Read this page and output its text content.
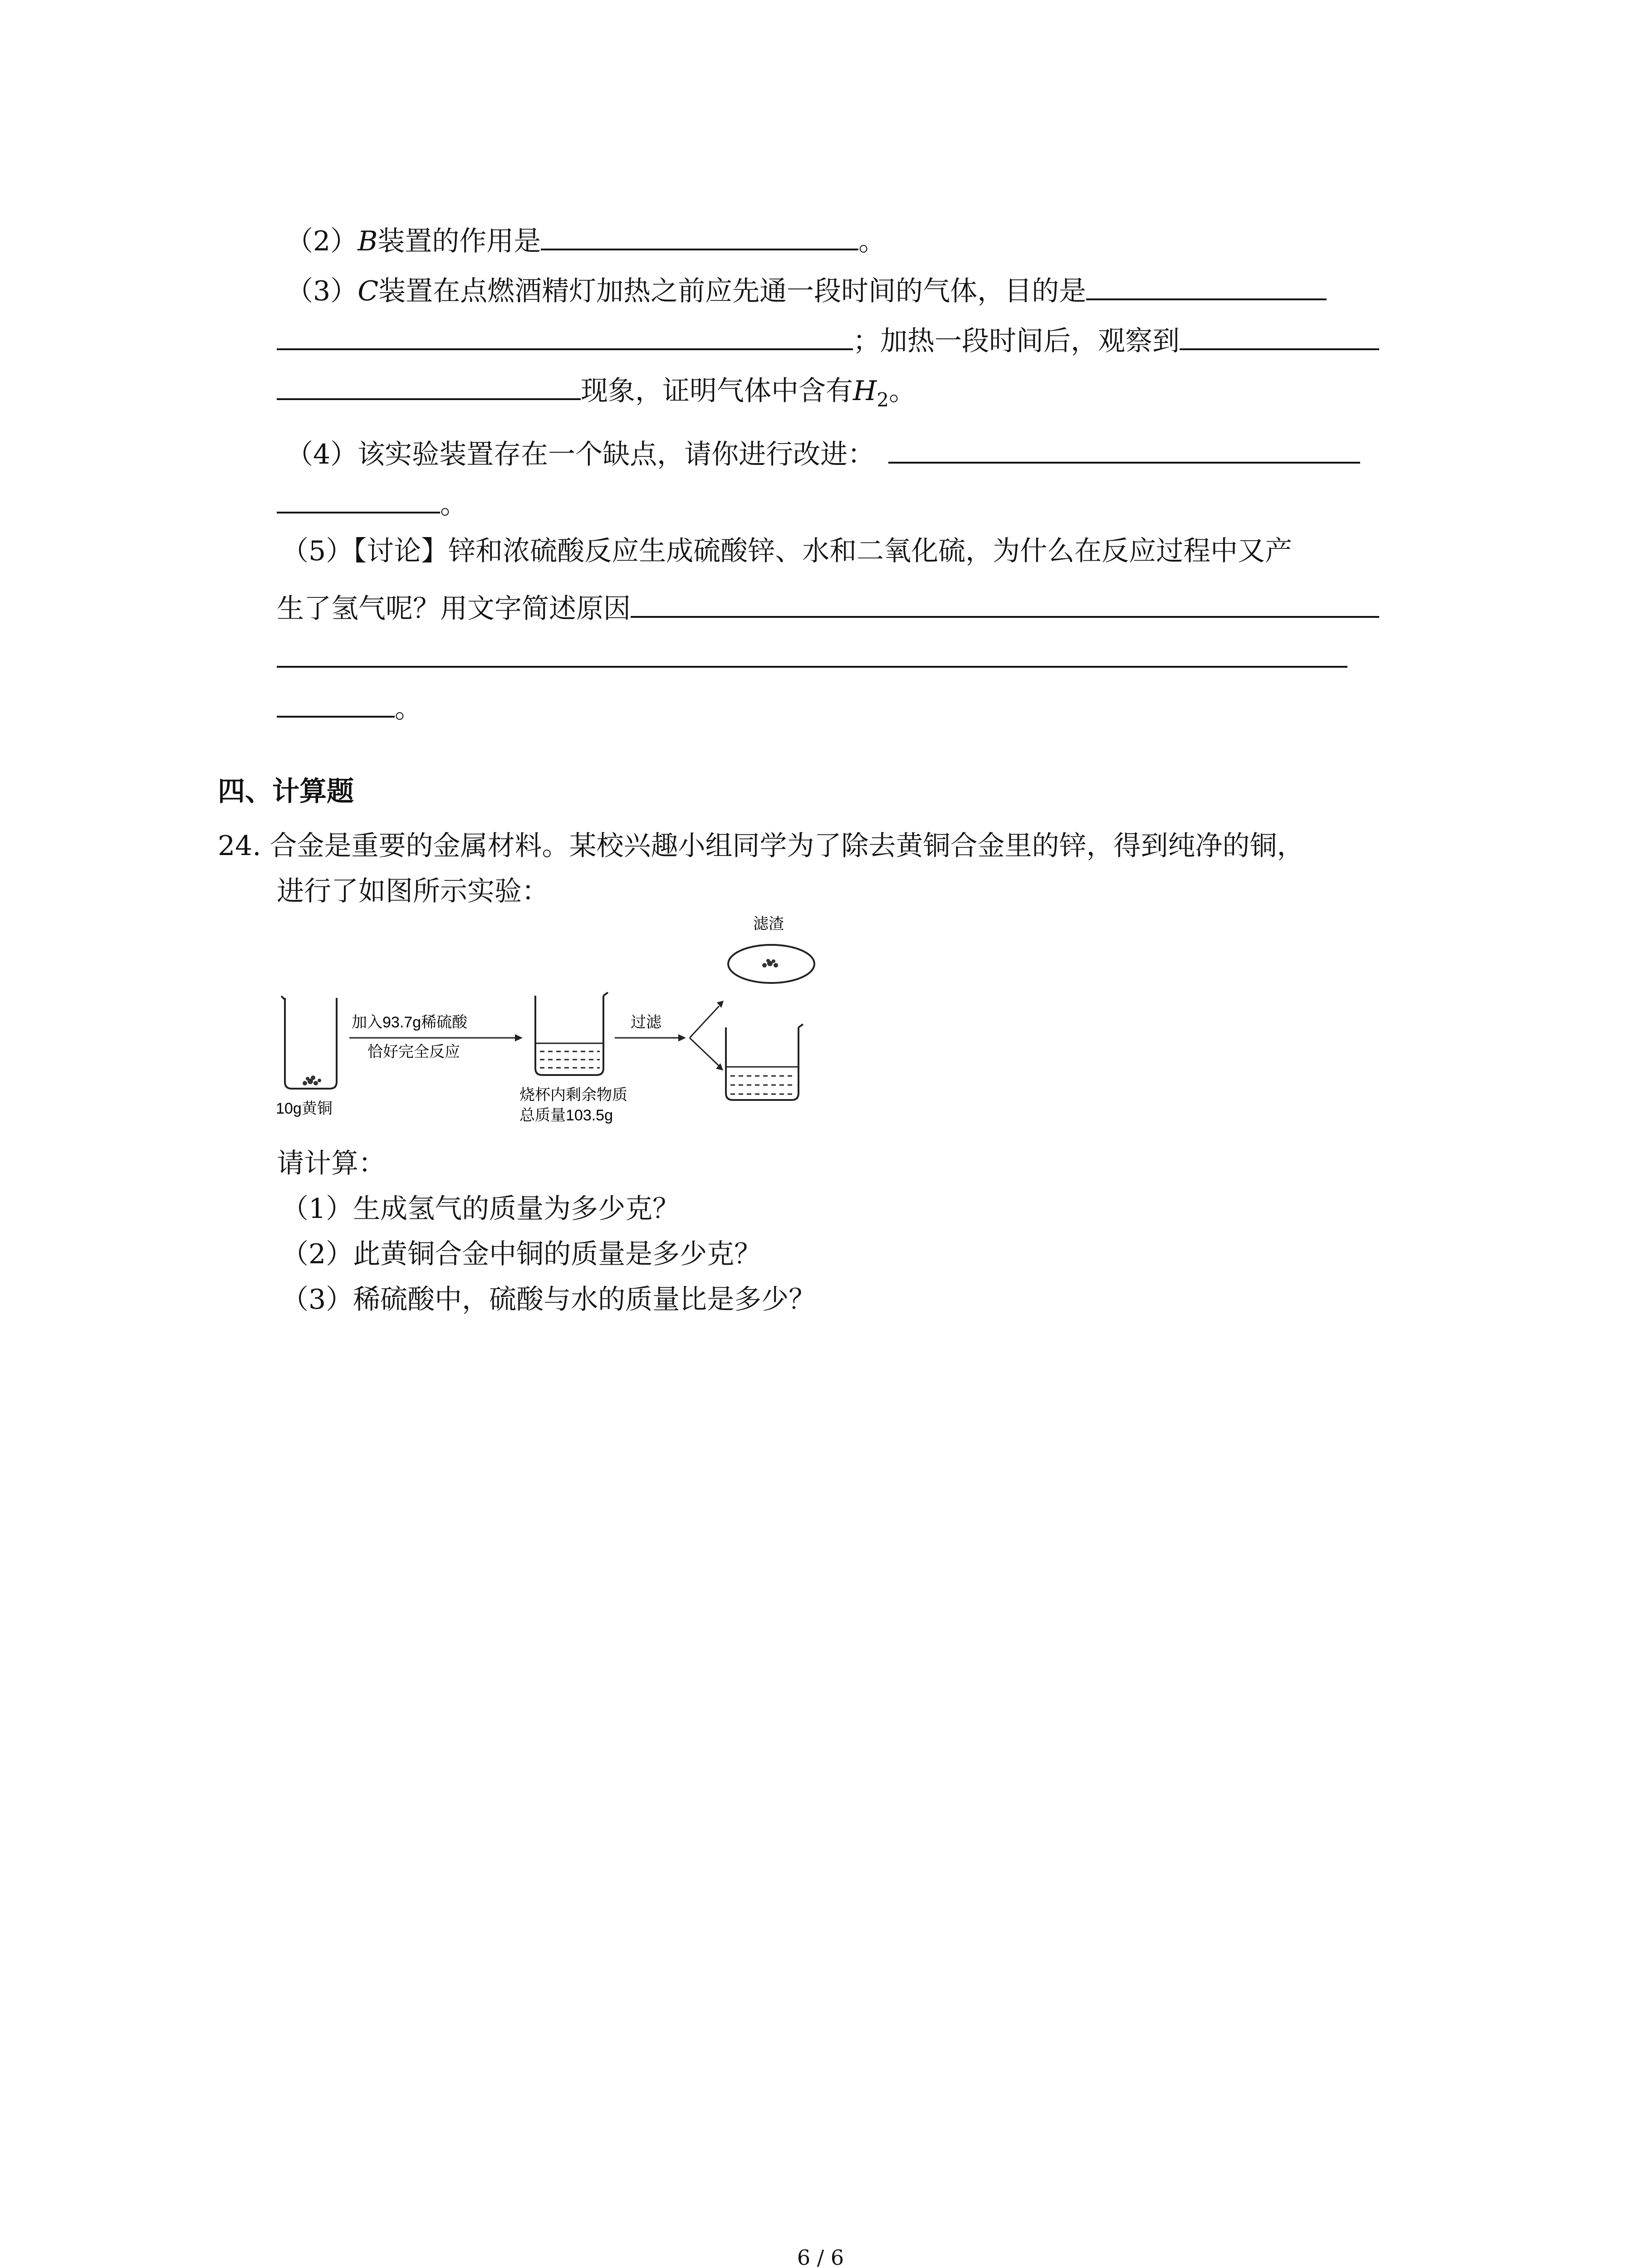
（2）B装置的作用是	。
（3）C装置在点燃酒精灯加热之前应先通一段时间的气体，目的是
；加热一段时间后，观察到
现象，证明气体中含有$H_2$。
（4）该实验装置存在一个缺点，请你进行改进：
。
（5）【讨论】锌和浓硫酸反应生成硫酸锌、水和二氧化硫，为什么在反应过程中又产
生了氢气呢？用文字简述原因
。
四、计算题
24. 合金是重要的金属材料。某校兴趣小组同学为了除去黄铜合金里的锌，得到纯净的铜，
进行了如图所示实验：
10g黄铜
加入93.7g稀硫酸
恰好完全反应
烧杯内剩余物质
总质量103.5g
过滤
滤渣
请计算：
（1）生成氢气的质量为多少克？
（2）此黄铜合金中铜的质量是多少克？
（3）稀硫酸中，硫酸与水的质量比是多少？
6 / 6
